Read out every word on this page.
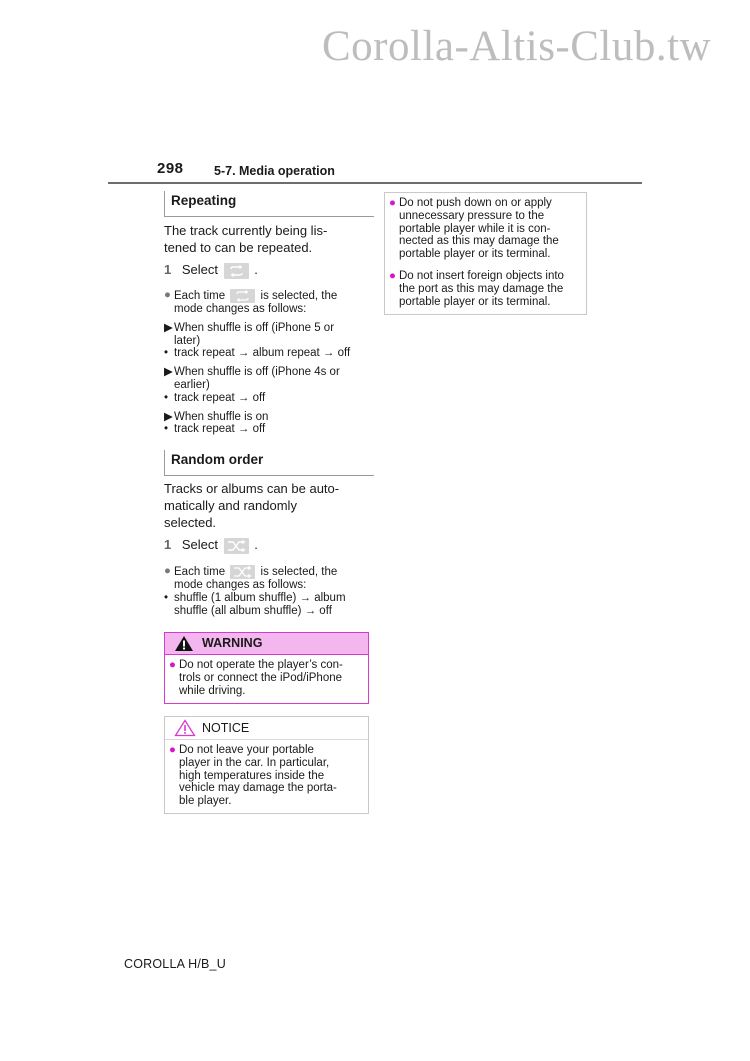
Corolla-Altis-Club.tw
298 5-7. Media operation
Repeating
The track currently being lis-
tened to can be repeated.
1 Select	.
● Each time	is selected, the
mode changes as follows:
▶ When shuffle is off (iPhone 5 or
later)
• track repeat → album repeat → off
▶ When shuffle is off (iPhone 4s or
earlier)
• track repeat → off
▶ When shuffle is on
• track repeat → off
Random order
Tracks or albums can be auto-
matically and randomly
selected.
1 Select	.
● Each time	is selected, the
mode changes as follows:
• shuffle (1 album shuffle) → album
shuffle (all album shuffle) → off
WARNING
● Do not operate the player’s con-
trols or connect the iPod/iPhone
while driving.
NOTICE
● Do not leave your portable
player in the car. In particular,
high temperatures inside the
vehicle may damage the porta-
ble player.
● Do not push down on or apply
unnecessary pressure to the
portable player while it is con-
nected as this may damage the
portable player or its terminal.
● Do not insert foreign objects into
the port as this may damage the
portable player or its terminal.
COROLLA H/B_U
